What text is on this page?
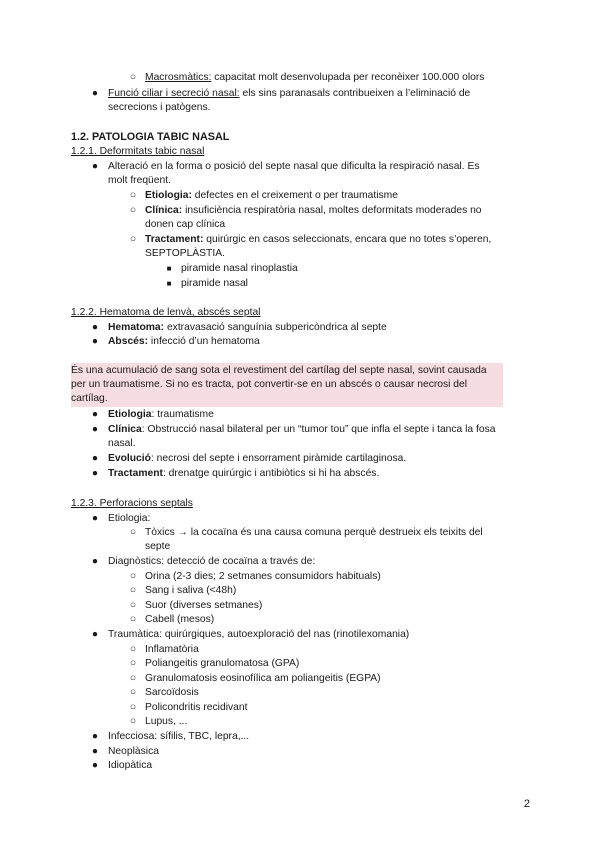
○ Macrosmàtics: capacitat molt desenvolupada per reconèixer 100.000 olors
● Funció ciliar i secreció nasal: els sins paranasals contribueixen a l’eliminació de
secrecions i patògens.
1.2. PATOLOGIA TABIC NASAL
1.2.1. Deformitats tabic nasal
● Alteració en la forma o posició del septe nasal que dificulta la respiració nasal. Es
molt freqüent.
○ Etiologia: defectes en el creixement o per traumatisme
○ Clínica: insuficiència respiratòria nasal, moltes deformitats moderades no
donen cap clínica
○ Tractament: quirúrgic en casos seleccionats, encara que no totes s’operen,
SEPTOPLÀSTIA.
■ piramide nasal rinoplastia
■ piramide nasal
1.2.2. Hematoma de lenvà, abscés septal
● Hematoma: extravasació sanguínia subpericòndrica al septe
● Abscés: infecció d’un hematoma
És una acumulació de sang sota el revestiment del cartílag del septe nasal, sovint causada
per un traumatisme. Si no es tracta, pot convertir-se en un abscés o causar necrosi del
cartílag.
● Etiologia: traumatisme
● Clínica: Obstrucció nasal bilateral per un “tumor tou” que infla el septe i tanca la fosa
nasal.
● Evolució: necrosi del septe i ensorrament piràmide cartilaginosa.
● Tractament: drenatge quirúrgic i antibiòtics si hi ha abscés.
1.2.3. Perforacions septals
● Etiologia:
○ Tòxics → la cocaïna és una causa comuna perquè destrueix els teixits del
septe
● Diagnòstics: detecció de cocaïna a través de:
○ Orina (2-3 dies; 2 setmanes consumidors habituals)
○ Sang i saliva (<48h)
○ Suor (diverses setmanes)
○ Cabell (mesos)
● Traumàtica: quirúrgiques, autoexploració del nas (rinotilexomania)
○ Inflamatòria
○ Poliangeitis granulomatosa (GPA)
○ Granulomatosis eosinofílica am poliangeitis (EGPA)
○ Sarcoïdosis
○ Policondritis recidivant
○ Lupus, ...
● Infecciosa: sífilis, TBC, lepra,...
● Neoplàsica
● Idiopàtica
2
